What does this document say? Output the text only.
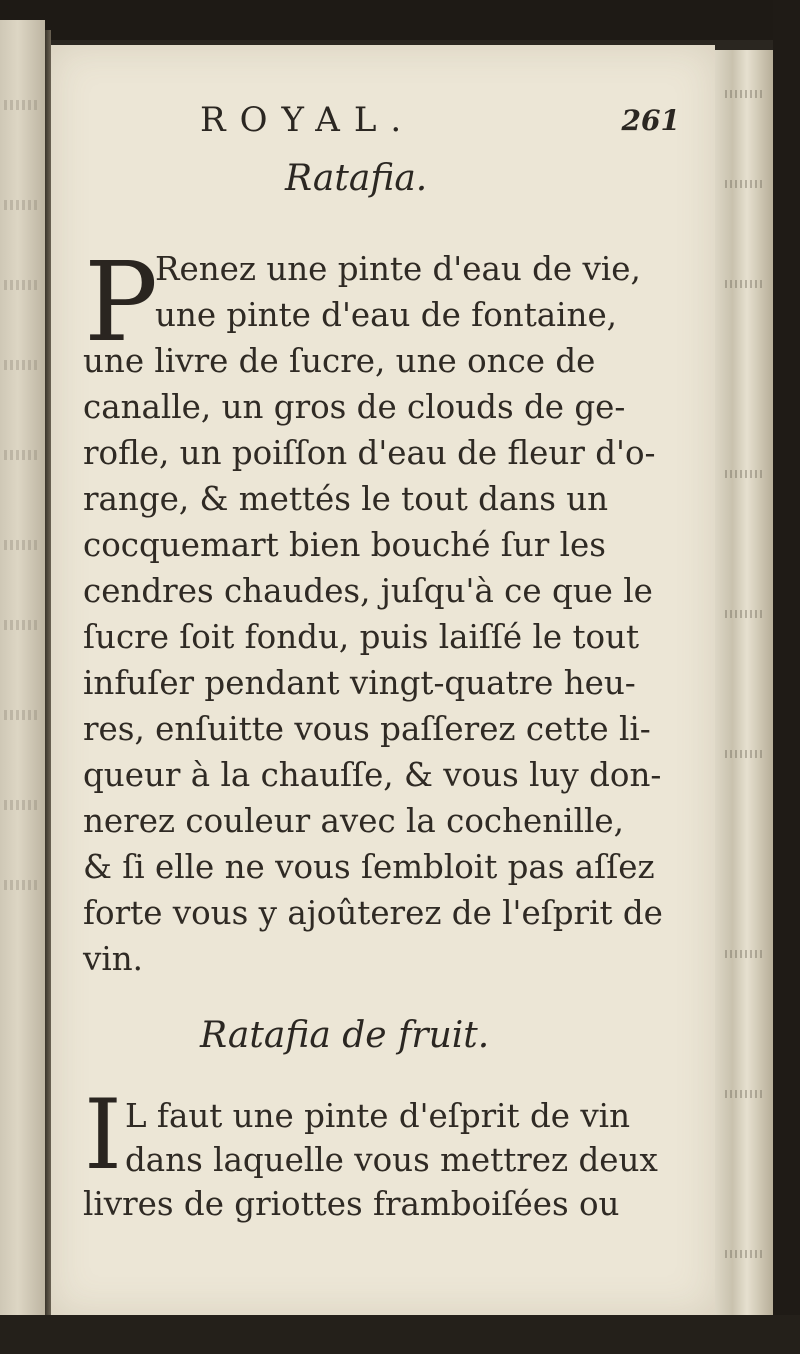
ROYAL.	261
Ratafia.
P
Renez une pinte d'eau de vie,
une pinte d'eau de fontaine,
une livre de ſucre, une once de
canalle, un gros de clouds de ge-
rofle, un poiſſon d'eau de fleur d'o-
range, & mettés le tout dans un
cocquemart bien bouché ſur les
cendres chaudes, juſqu'à ce que le
ſucre ſoit fondu, puis laiſſé le tout
infuſer pendant vingt-quatre heu-
res, enſuitte vous paſſerez cette li-
queur à la chauſſe, & vous luy don-
nerez couleur avec la cochenille,
& ſi elle ne vous ſembloit pas aſſez
forte vous y ajoûterez de l'eſprit de
vin.
Ratafia de fruit.
I L faut une pinte d'eſprit de vin
dans laquelle vous mettrez deux
livres de griottes framboiſées ou
